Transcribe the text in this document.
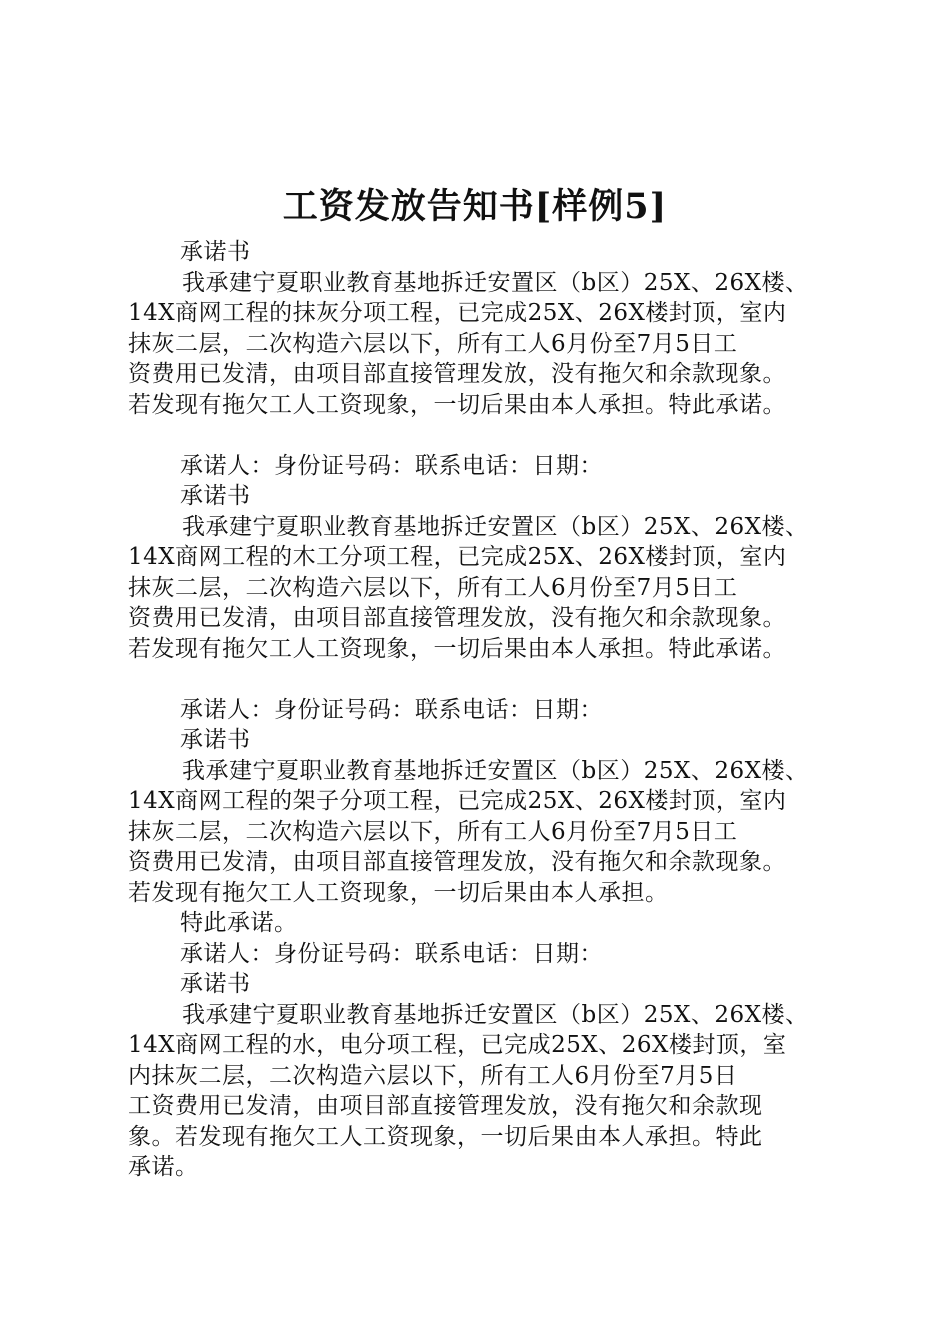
工资发放告知书[样例5]
承诺书
我承建宁夏职业教育基地拆迁安置区（b区）25X、26X楼、
14X商网工程的抹灰分项工程，已完成25X、26X楼封顶，室内
抹灰二层，二次构造六层以下，所有工人6月份至7月5日工
资费用已发清，由项目部直接管理发放，没有拖欠和余款现象。
若发现有拖欠工人工资现象，一切后果由本人承担。特此承诺。
承诺人：身份证号码：联系电话：日期：
承诺书
我承建宁夏职业教育基地拆迁安置区（b区）25X、26X楼、
14X商网工程的木工分项工程，已完成25X、26X楼封顶，室内
抹灰二层，二次构造六层以下，所有工人6月份至7月5日工
资费用已发清，由项目部直接管理发放，没有拖欠和余款现象。
若发现有拖欠工人工资现象，一切后果由本人承担。特此承诺。
承诺人：身份证号码：联系电话：日期：
承诺书
我承建宁夏职业教育基地拆迁安置区（b区）25X、26X楼、
14X商网工程的架子分项工程，已完成25X、26X楼封顶，室内
抹灰二层，二次构造六层以下，所有工人6月份至7月5日工
资费用已发清，由项目部直接管理发放，没有拖欠和余款现象。
若发现有拖欠工人工资现象，一切后果由本人承担。
特此承诺。
承诺人：身份证号码：联系电话：日期：
承诺书
我承建宁夏职业教育基地拆迁安置区（b区）25X、26X楼、
14X商网工程的水，电分项工程，已完成25X、26X楼封顶，室
内抹灰二层，二次构造六层以下，所有工人6月份至7月5日
工资费用已发清，由项目部直接管理发放，没有拖欠和余款现
象。若发现有拖欠工人工资现象，一切后果由本人承担。特此
承诺。
